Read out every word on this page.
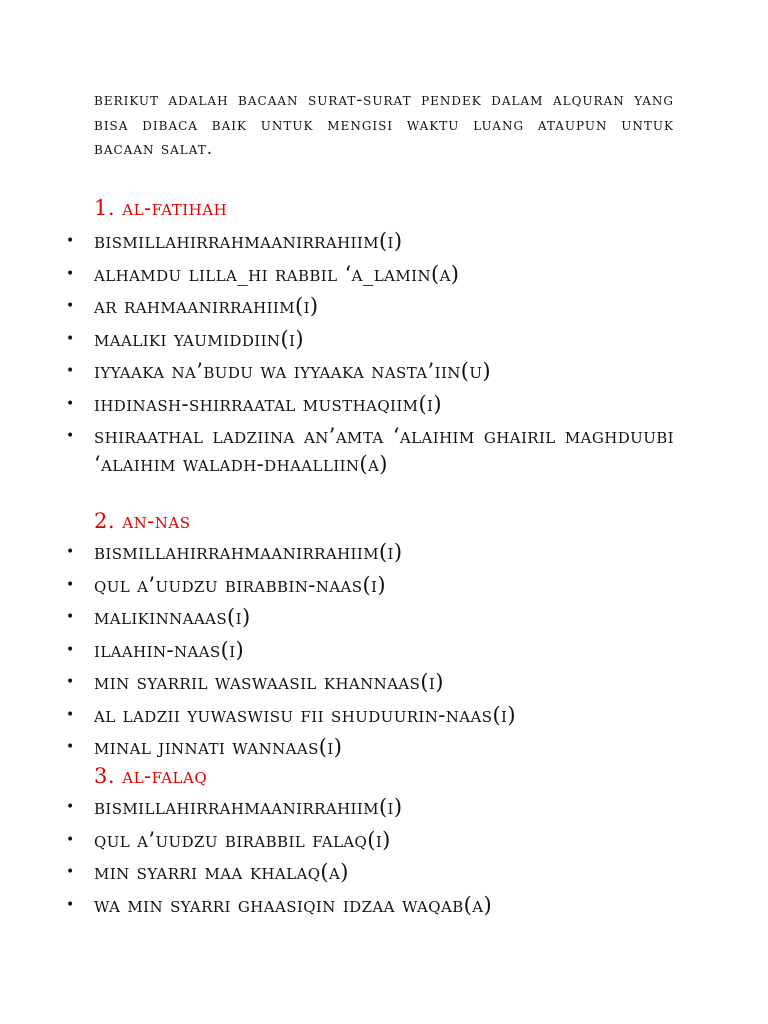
berikut adalah bacaan surat-surat pendek dalam alquran yang bisa dibaca baik untuk mengisi waktu luang ataupun untuk bacaan salat.

1. al-fatihah
• bismillahirrahmaanirrahiim(i)
• alhamdu lilla_hi rabbil ‘a_lamin(a)
• ar rahmaanirrahiim(i)
• maaliki yaumiddiin(i)
• iyyaaka na’budu wa iyyaaka nasta’iin(u)
• ihdinash-shirraatal musthaqiim(i)
• shiraathal ladziina an’amta ‘alaihim ghairil maghduubi ‘alaihim waladh-dhaalliin(a)
2. an-nas
• bismillahirrahmaanirrahiim(i)
• qul a’uudzu birabbin-naas(i)
• malikinnaaas(i)
• ilaahin-naas(i)
• min syarril waswaasil khannaas(i)
• al ladzii yuwaswisu fii shuduurin-naas(i)
• minal jinnati wannaas(i)
3. al-falaq
• bismillahirrahmaanirrahiim(i)
• qul a’uudzu birabbil falaq(i)
• min syarri maa khalaq(a)
• wa min syarri ghaasiqin idzaa waqab(a)
